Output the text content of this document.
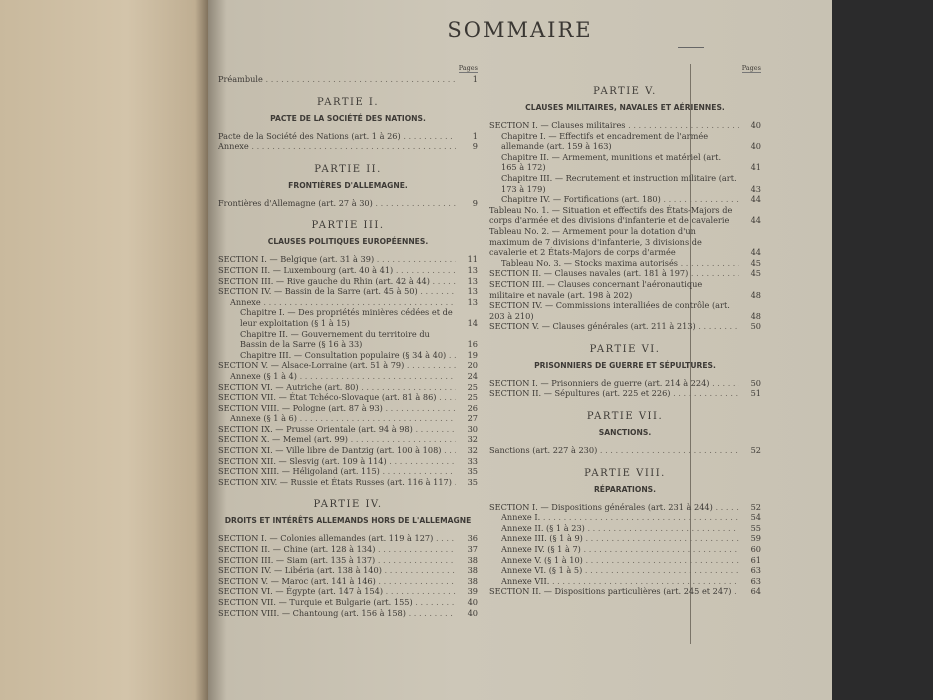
SOMMAIRE
Pages
Préambule . . .	1
PARTIE I.
PACTE DE LA SOCIÉTÉ DES NATIONS.
Pacte de la Société des Nations (art. 1 à 26) . . .	1
Annexe . . .	9
PARTIE II.
FRONTIÈRES D'ALLEMAGNE.
Frontières d'Allemagne (art. 27 à 30) . . .	9
PARTIE III.
CLAUSES POLITIQUES EUROPÉENNES.
SECTION I. — Belgique (art. 31 à 39) . . .	11
SECTION II. — Luxembourg (art. 40 à 41) . . .	13
SECTION III. — Rive gauche du Rhin (art. 42 à 44) . . .	13
SECTION IV. — Bassin de la Sarre (art. 45 à 50) . . .	13
Annexe . . .	13
Chapitre I. — Des propriétés minières cédées et de leur exploitation (§ 1 à 15)	14
Chapitre II. — Gouvernement du territoire du Bassin de la Sarre (§ 16 à 33)	16
Chapitre III. — Consultation populaire (§ 34 à 40) . . .	19
SECTION V. — Alsace-Lorraine (art. 51 à 79) . . .	20
Annexe (§ 1 à 4) . . .	24
SECTION VI. — Autriche (art. 80) . . .	25
SECTION VII. — État Tchéco-Slovaque (art. 81 à 86) . . .	25
SECTION VIII. — Pologne (art. 87 à 93) . . .	26
Annexe (§ 1 à 6) . . .	27
SECTION IX. — Prusse Orientale (art. 94 à 98) . . .	30
SECTION X. — Memel (art. 99) . . .	32
SECTION XI. — Ville libre de Dantzig (art. 100 à 108) . . .	32
SECTION XII. — Slesvig (art. 109 à 114) . . .	33
SECTION XIII. — Héligoland (art. 115) . . .	35
SECTION XIV. — Russie et États Russes (art. 116 à 117) . . .	35
PARTIE IV.
DROITS ET INTÉRÊTS ALLEMANDS HORS DE L'ALLEMAGNE
SECTION I. — Colonies allemandes (art. 119 à 127) . . .	36
SECTION II. — Chine (art. 128 à 134) . . .	37
SECTION III. — Siam (art. 135 à 137) . . .	38
SECTION IV. — Libéria (art. 138 à 140) . . .	38
SECTION V. — Maroc (art. 141 à 146) . . .	38
SECTION VI. — Égypte (art. 147 à 154) . . .	39
SECTION VII. — Turquie et Bulgarie (art. 155) . . .	40
SECTION VIII. — Chantoung (art. 156 à 158) . . .	40
Pages
PARTIE V.
CLAUSES MILITAIRES, NAVALES ET AÉRIENNES.
SECTION I. — Clauses militaires . . .	40
Chapitre I. — Effectifs et encadrement de l'armée allemande (art. 159 à 163)	40
Chapitre II. — Armement, munitions et matériel (art. 165 à 172)	41
Chapitre III. — Recrutement et instruction militaire (art. 173 à 179)	43
Chapitre IV. — Fortifications (art. 180) . . .	44
Tableau No. 1. — Situation et effectifs des États-Majors de corps d'armée et des divisions d'infanterie et de cavalerie	44
Tableau No. 2. — Armement pour la dotation d'un maximum de 7 divisions d'infanterie, 3 divisions de cavalerie et 2 États-Majors de corps d'armée	44
Tableau No. 3. — Stocks maxima autorisés . . .	45
SECTION II. — Clauses navales (art. 181 à 197) . . .	45
SECTION III. — Clauses concernant l'aéronautique militaire et navale (art. 198 à 202)	48
SECTION IV. — Commissions interalliées de contrôle (art. 203 à 210)	48
SECTION V. — Clauses générales (art. 211 à 213) . . .	50
PARTIE VI.
PRISONNIERS DE GUERRE ET SÉPULTURES.
SECTION I. — Prisonniers de guerre (art. 214 à 224) . . .	50
SECTION II. — Sépultures (art. 225 et 226) . . .	51
PARTIE VII.
SANCTIONS.
Sanctions (art. 227 à 230) . . .	52
PARTIE VIII.
RÉPARATIONS.
SECTION I. — Dispositions générales (art. 231 à 244) . . .	52
Annexe I. . . .	54
Annexe II. (§ 1 à 23) . . .	55
Annexe III. (§ 1 à 9) . . .	59
Annexe IV. (§ 1 à 7) . . .	60
Annexe V. (§ 1 à 10) . . .	61
Annexe VI. (§ 1 à 5) . . .	63
Annexe VII. . . .	63
SECTION II. — Dispositions particulières (art. 245 et 247) . . .	64
